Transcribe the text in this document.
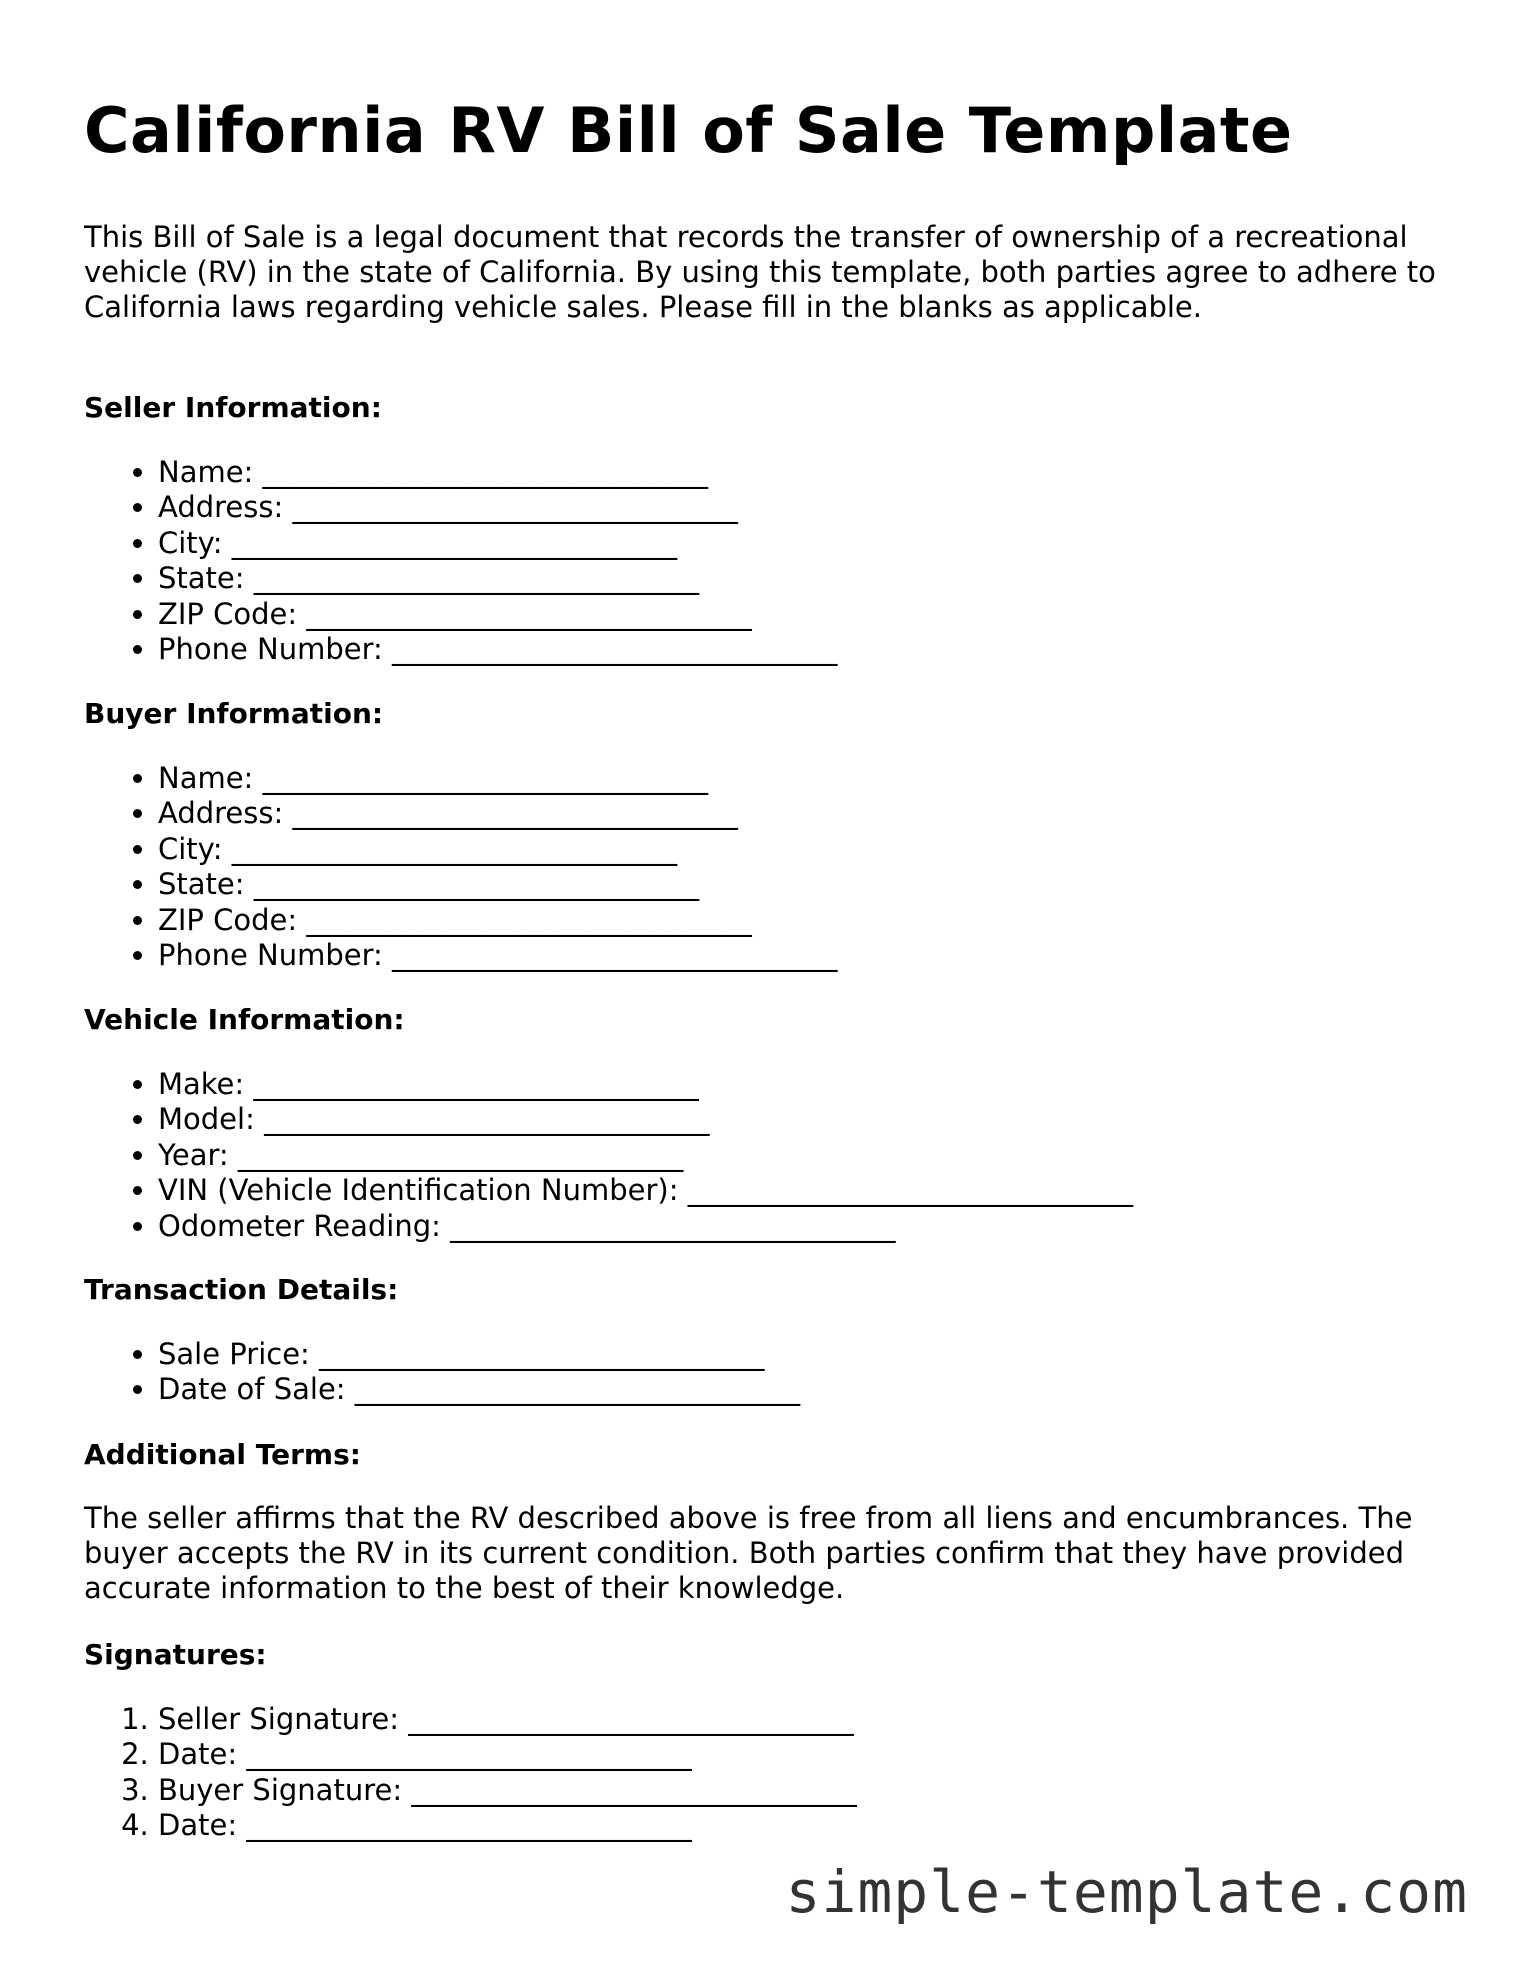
California RV Bill of Sale Template

This Bill of Sale is a legal document that records the transfer of ownership of a recreational vehicle (RV) in the state of California. By using this template, both parties agree to adhere to California laws regarding vehicle sales. Please fill in the blanks as applicable.

Seller Information:
• Name: ________________________________
• Address: ________________________________
• City: ________________________________
• State: ________________________________
• ZIP Code: ________________________________
• Phone Number: ________________________________
Buyer Information:
• Name: ________________________________
• Address: ________________________________
• City: ________________________________
• State: ________________________________
• ZIP Code: ________________________________
• Phone Number: ________________________________
Vehicle Information:
• Make: ________________________________
• Model: ________________________________
• Year: ________________________________
• VIN (Vehicle Identification Number): ________________________________
• Odometer Reading: ________________________________
Transaction Details:
• Sale Price: ________________________________
• Date of Sale: ________________________________
Additional Terms:

The seller affirms that the RV described above is free from all liens and encumbrances. The buyer accepts the RV in its current condition. Both parties confirm that they have provided accurate information to the best of their knowledge.

Signatures:
1. Seller Signature: ________________________________
2. Date: ________________________________
3. Buyer Signature: ________________________________
4. Date: ________________________________
simple-template.com
